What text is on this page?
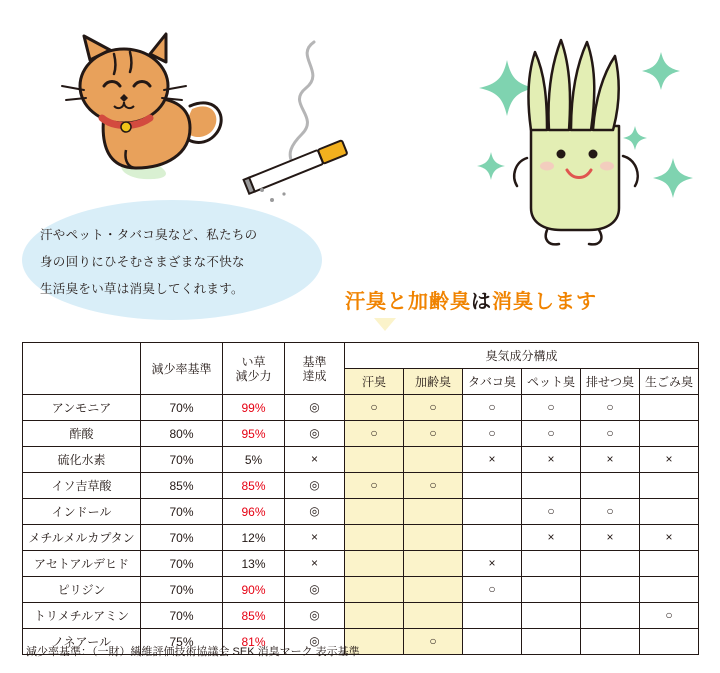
汗やペット・タバコ臭など、私たちの
身の回りにひそむさまざまな不快な
生活臭をい草は消臭してくれます。
汗臭と加齢臭は消臭します
	減少率基準	い草
減少力

基準
達成
	臭気成分構成
				汗臭	加齢臭	タバコ臭	ペット臭	排せつ臭	生ごみ臭
アンモニア	70%	99%	◎	○	○	○	○	○	
酢酸	80%	95%	◎	○	○	○	○	○	
硫化水素	70%	5%	×			×	×	×	×
イソ吉草酸	85%	85%	◎	○	○				
インドール	70%	96%	◎				○	○	
メチルメルカプタン	70%	12%	×				×	×	×
アセトアルデヒド	70%	13%	×			×			
ピリジン	70%	90%	◎			○			
トリメチルアミン	70%	85%	◎						○
ノネアール	75%	81%	◎		○				
減少率基準：（一財）繊維評価技術協議会 SEK 消臭マーク 表示基準
